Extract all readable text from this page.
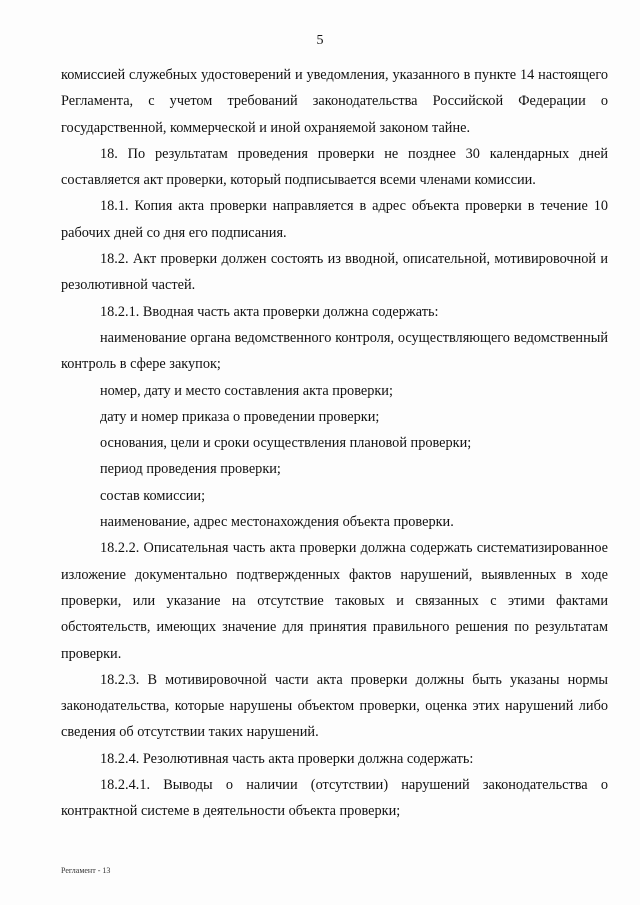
5

комиссией служебных удостоверений и уведомления, указанного в пункте 14 настоящего Регламента, с учетом требований законодательства Российской Федерации о государственной, коммерческой и иной охраняемой законом тайне.

18. По результатам проведения проверки не позднее 30 календарных дней составляется акт проверки, который подписывается всеми членами комиссии.

18.1. Копия акта проверки направляется в адрес объекта проверки в течение 10 рабочих дней со дня его подписания.

18.2. Акт проверки должен состоять из вводной, описательной, мотивировочной и резолютивной частей.

18.2.1. Вводная часть акта проверки должна содержать:

наименование органа ведомственного контроля, осуществляющего ведомственный контроль в сфере закупок;

номер, дату и место составления акта проверки;

дату и номер приказа о проведении проверки;

основания, цели и сроки осуществления плановой проверки;

период проведения проверки;

состав комиссии;

наименование, адрес местонахождения объекта проверки.

18.2.2. Описательная часть акта проверки должна содержать систематизированное изложение документально подтвержденных фактов нарушений, выявленных в ходе проверки, или указание на отсутствие таковых и связанных с этими фактами обстоятельств, имеющих значение для принятия правильного решения по результатам проверки.

18.2.3. В мотивировочной части акта проверки должны быть указаны нормы законодательства, которые нарушены объектом проверки, оценка этих нарушений либо сведения об отсутствии таких нарушений.

18.2.4. Резолютивная часть акта проверки должна содержать:

18.2.4.1. Выводы о наличии (отсутствии) нарушений законодательства о контрактной системе в деятельности объекта проверки;

Регламент - 13
